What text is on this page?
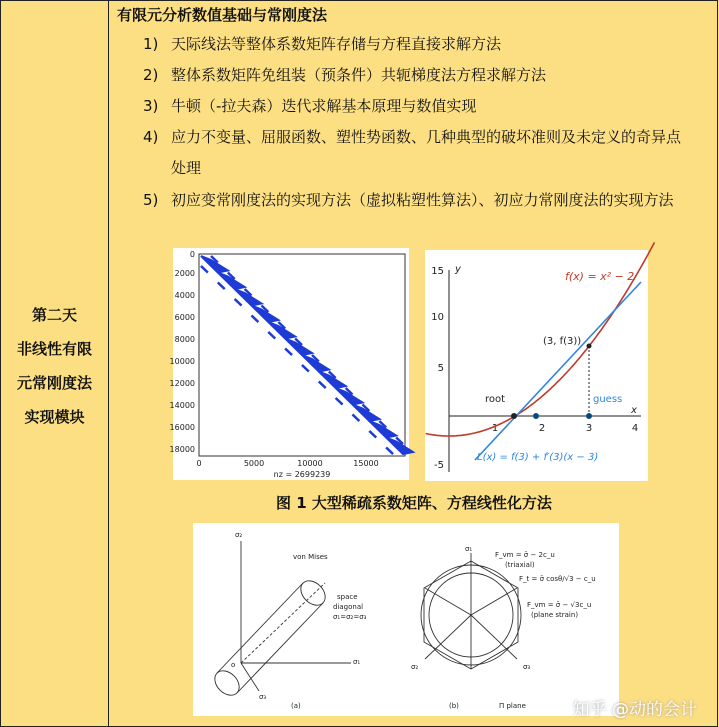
第二天
非线性有限
元常刚度法
实现模块
有限元分析数值基础与常刚度法
1) 天际线法等整体系数矩阵存储与方程直接求解方法
2) 整体系数矩阵免组装（预条件）共轭梯度法方程求解方法
3) 牛顿（-拉夫森）迭代求解基本原理与数值实现
4) 应力不变量、屈服函数、塑性势函数、几种典型的破坏准则及未定义的奇异点
处理
5) 初应变常刚度法的实现方法（虚拟粘塑性算法）、初应力常刚度法的实现方法
2000
4000
6000
8000
10000
12000
14000
16000
18000
0
0	5000	10000	15000
nz = 2699239
y
x
15
10
5
-5
1	2	3	4
f(x) = x² − 2
(3, f(3))
root	guess
L(x) = f(3) + f′(3)(x − 3)
图 1 大型稀疏系数矩阵、方程线性化方法
σ₂
σ₁
σ₃
von Mises
space
diagonal
σ₁=σ₂=σ₃
o
(a)	(b)	Π plane
σ₁
σ₂	σ₃
F_vm = σ̄ − 2c_u
(triaxial)
F_t = σ̄ cosθ/√3 − c_u
F_vm = σ̄ − √3c_u
(plane strain)
知乎 @动的会计
